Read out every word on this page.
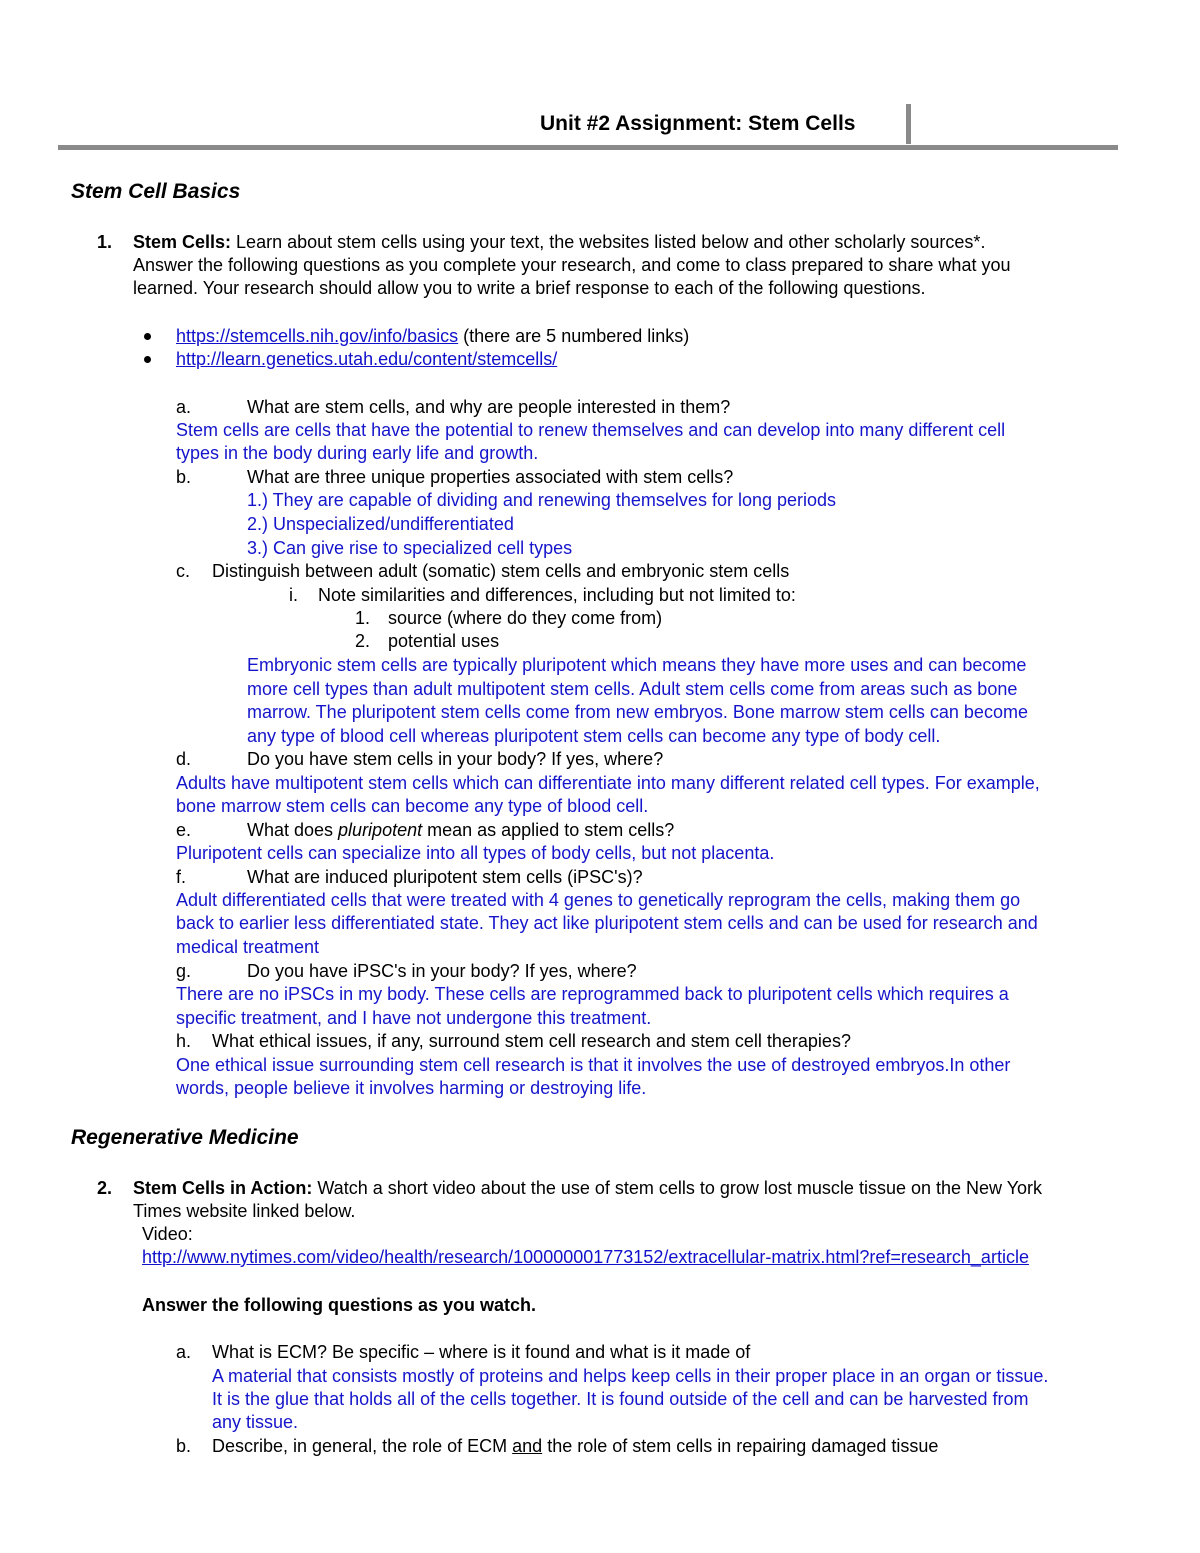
Unit #2 Assignment: Stem Cells
Stem Cell Basics
1. Stem Cells: Learn about stem cells using your text, the websites listed below and other scholarly sources*.
Answer the following questions as you complete your research, and come to class prepared to share what you
learned. Your research should allow you to write a brief response to each of the following questions.
https://stemcells.nih.gov/info/basics (there are 5 numbered links)
http://learn.genetics.utah.edu/content/stemcells/
a.	What are stem cells, and why are people interested in them?
Stem cells are cells that have the potential to renew themselves and can develop into many different cell
types in the body during early life and growth.
b.	What are three unique properties associated with stem cells?
1.) They are capable of dividing and renewing themselves for long periods
2.) Unspecialized/undifferentiated
3.) Can give rise to specialized cell types
c. Distinguish between adult (somatic) stem cells and embryonic stem cells
i. Note similarities and differences, including but not limited to:
1. source (where do they come from)
2. potential uses
Embryonic stem cells are typically pluripotent which means they have more uses and can become
more cell types than adult multipotent stem cells. Adult stem cells come from areas such as bone
marrow. The pluripotent stem cells come from new embryos. Bone marrow stem cells can become
any type of blood cell whereas pluripotent stem cells can become any type of body cell.
d.	Do you have stem cells in your body? If yes, where?
Adults have multipotent stem cells which can differentiate into many different related cell types. For example,
bone marrow stem cells can become any type of blood cell.
e.	What does pluripotent mean as applied to stem cells?
Pluripotent cells can specialize into all types of body cells, but not placenta.
f.	What are induced pluripotent stem cells (iPSC's)?
Adult differentiated cells that were treated with 4 genes to genetically reprogram the cells, making them go
back to earlier less differentiated state. They act like pluripotent stem cells and can be used for research and
medical treatment
g.	Do you have iPSC's in your body? If yes, where?
There are no iPSCs in my body. These cells are reprogrammed back to pluripotent cells which requires a
specific treatment, and I have not undergone this treatment.
h. What ethical issues, if any, surround stem cell research and stem cell therapies?
One ethical issue surrounding stem cell research is that it involves the use of destroyed embryos.In other
words, people believe it involves harming or destroying life.
Regenerative Medicine
2. Stem Cells in Action: Watch a short video about the use of stem cells to grow lost muscle tissue on the New York
Times website linked below.
Video:
http://www.nytimes.com/video/health/research/100000001773152/extracellular-matrix.html?ref=research_article
Answer the following questions as you watch.
a. What is ECM? Be specific – where is it found and what is it made of
A material that consists mostly of proteins and helps keep cells in their proper place in an organ or tissue.
It is the glue that holds all of the cells together. It is found outside of the cell and can be harvested from
any tissue.
b. Describe, in general, the role of ECM and the role of stem cells in repairing damaged tissue
